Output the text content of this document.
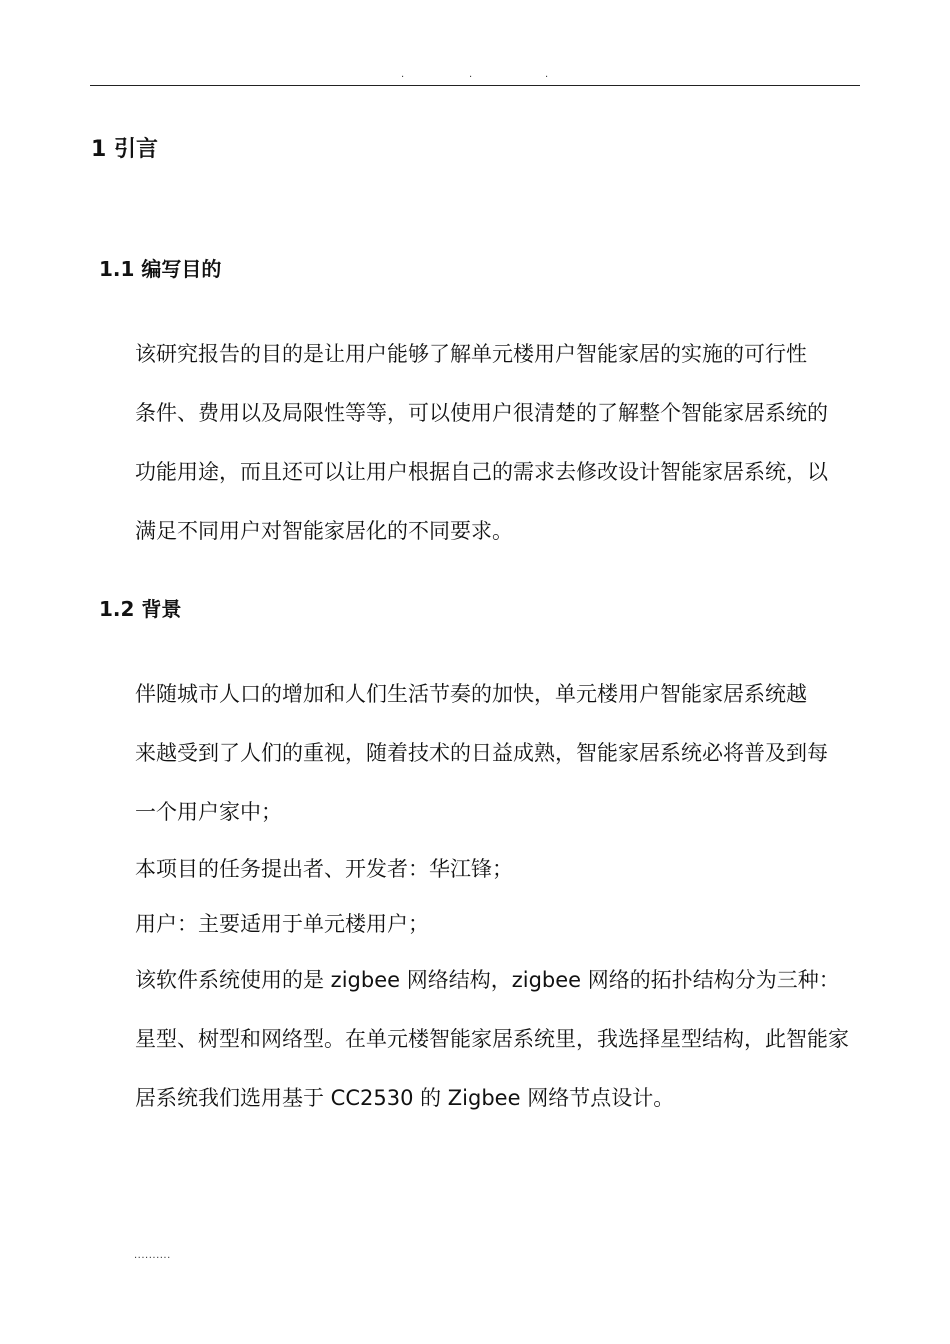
.	.	.
1 引言
1.1 编写目的
该研究报告的目的是让用户能够了解单元楼用户智能家居的实施的可行性
条件、费用以及局限性等等，可以使用户很清楚的了解整个智能家居系统的
功能用途，而且还可以让用户根据自己的需求去修改设计智能家居系统，以
满足不同用户对智能家居化的不同要求。
1.2 背景
伴随城市人口的增加和人们生活节奏的加快，单元楼用户智能家居系统越
来越受到了人们的重视，随着技术的日益成熟，智能家居系统必将普及到每
一个用户家中；
本项目的任务提出者、开发者：华江锋；
用户：主要适用于单元楼用户；
该软件系统使用的是 zigbee 网络结构，zigbee 网络的拓扑结构分为三种：
星型、树型和网络型。在单元楼智能家居系统里，我选择星型结构，此智能家
居系统我们选用基于 CC2530 的 Zigbee 网络节点设计。
..........
